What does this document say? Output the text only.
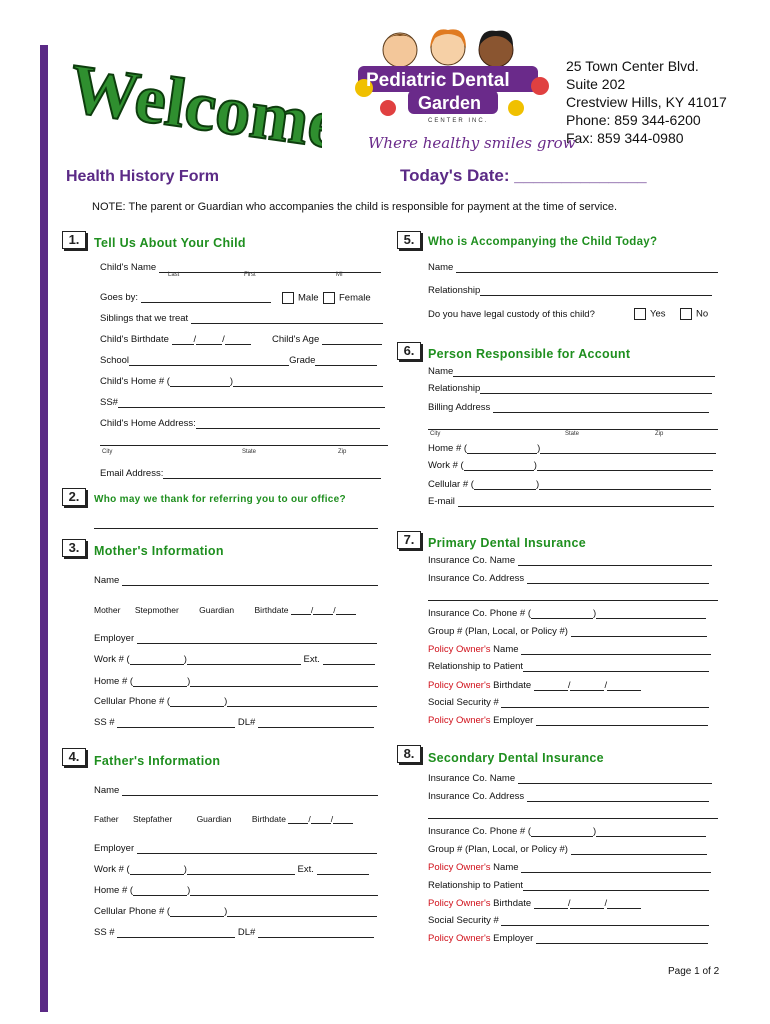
Welcome Pediatric Dental
Garden
CENTER INC.
Where healthy smiles grow
25 Town Center Blvd.
Suite 202
Crestview Hills, KY 41017
Phone: 859 344-6200
Fax: 859 344-0980
Health History Form	Today's Date: ______________
NOTE: The parent or Guardian who accompanies the child is responsible for payment at the time of service.
1.	Tell Us About Your Child
Child's Name
Last	First	MI
Goes by:	Male	Female
Siblings that we treat
Child's Birthdate	/	/	Child's Age
School	Grade
Child's Home # (	)
SS#
Child's Home Address:
City	State	Zip
Email Address:
2.	Who may we thank for referring you to our office?
3.	Mother's Information
Name
Mother Stepmother Guardian Birthdate	/ /
Employer
Work # (	)	Ext.
Home # (	)
Cellular Phone # (	)
SS #	DL#
4.	Father's Information
Name
Father Stepfather	Guardian Birthdate	/ /
Employer
Work # (	)	Ext.
Home # (	)
Cellular Phone # (	)
SS #	DL#
5.	Who is Accompanying the Child Today?
Name
Relationship
Do you have legal custody of this child?	Yes	No
6.	Person Responsible for Account
Name
Relationship
Billing Address
City	State	Zip
Home # (	)
Work # (	)
Cellular # (	)
E-mail
7.	Primary Dental Insurance
Insurance Co. Name
Insurance Co. Address
Insurance Co. Phone # (	)
Group # (Plan, Local, or Policy #)
Policy Owner's Name
Relationship to Patient
Policy Owner's Birthdate	/	/
Social Security #
Policy Owner's Employer
8.	Secondary Dental Insurance
Insurance Co. Name
Insurance Co. Address
Insurance Co. Phone # (	)
Group # (Plan, Local, or Policy #)
Policy Owner's Name
Relationship to Patient
Policy Owner's Birthdate	/	/
Social Security #
Policy Owner's Employer
Page 1 of 2
